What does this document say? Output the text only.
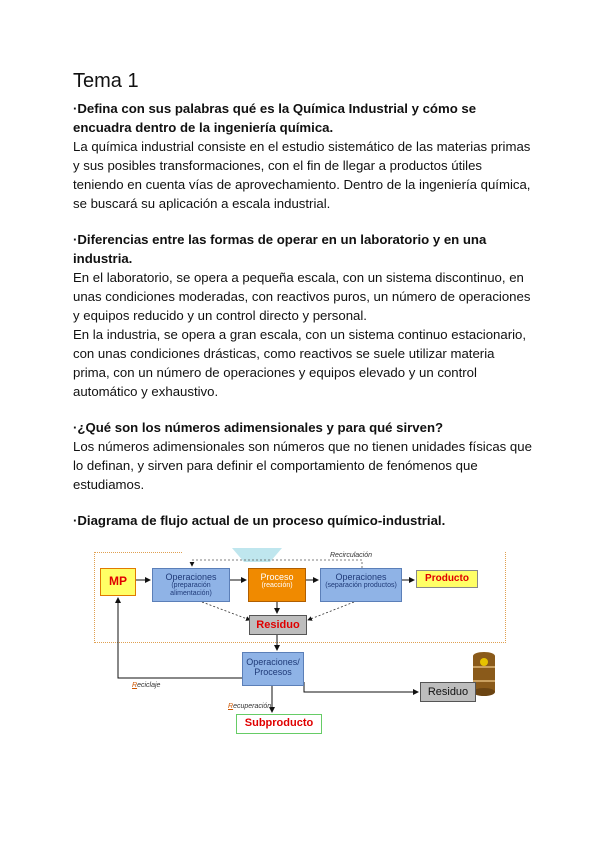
Tema 1

·Defina con sus palabras qué es la Química Industrial y cómo se encuadra dentro de la ingeniería química.

La química industrial consiste en el estudio sistemático de las materias primas y sus posibles transformaciones, con el fin de llegar a productos útiles teniendo en cuenta vías de aprovechamiento. Dentro de la ingeniería química, se buscará su aplicación a escala industrial.

·Diferencias entre las formas de operar en un laboratorio y en una industria.

En el laboratorio, se opera a pequeña escala, con un sistema discontinuo, en unas condiciones moderadas, con reactivos puros, un número de operaciones y equipos reducido y un control directo y personal.

En la industria, se opera a gran escala, con un sistema continuo estacionario, con unas condiciones drásticas, como reactivos se suele utilizar materia prima, con un número de operaciones y equipos elevado y un control automático y exhaustivo.

·¿Qué son los números adimensionales y para qué sirven?

Los números adimensionales son números que no tienen unidades físicas que lo definan, y sirven para definir el comportamiento de fenómenos que estudiamos.

·Diagrama de flujo actual de un proceso químico-industrial.

MP	Operaciones
(preparación alimentación)
Proceso
(reacción)
Operaciones
(separación productos)
Producto
Residuo
Operaciones/ Procesos
Residuo
Subproducto
Recirculación
Reciclaje
Recuperación
